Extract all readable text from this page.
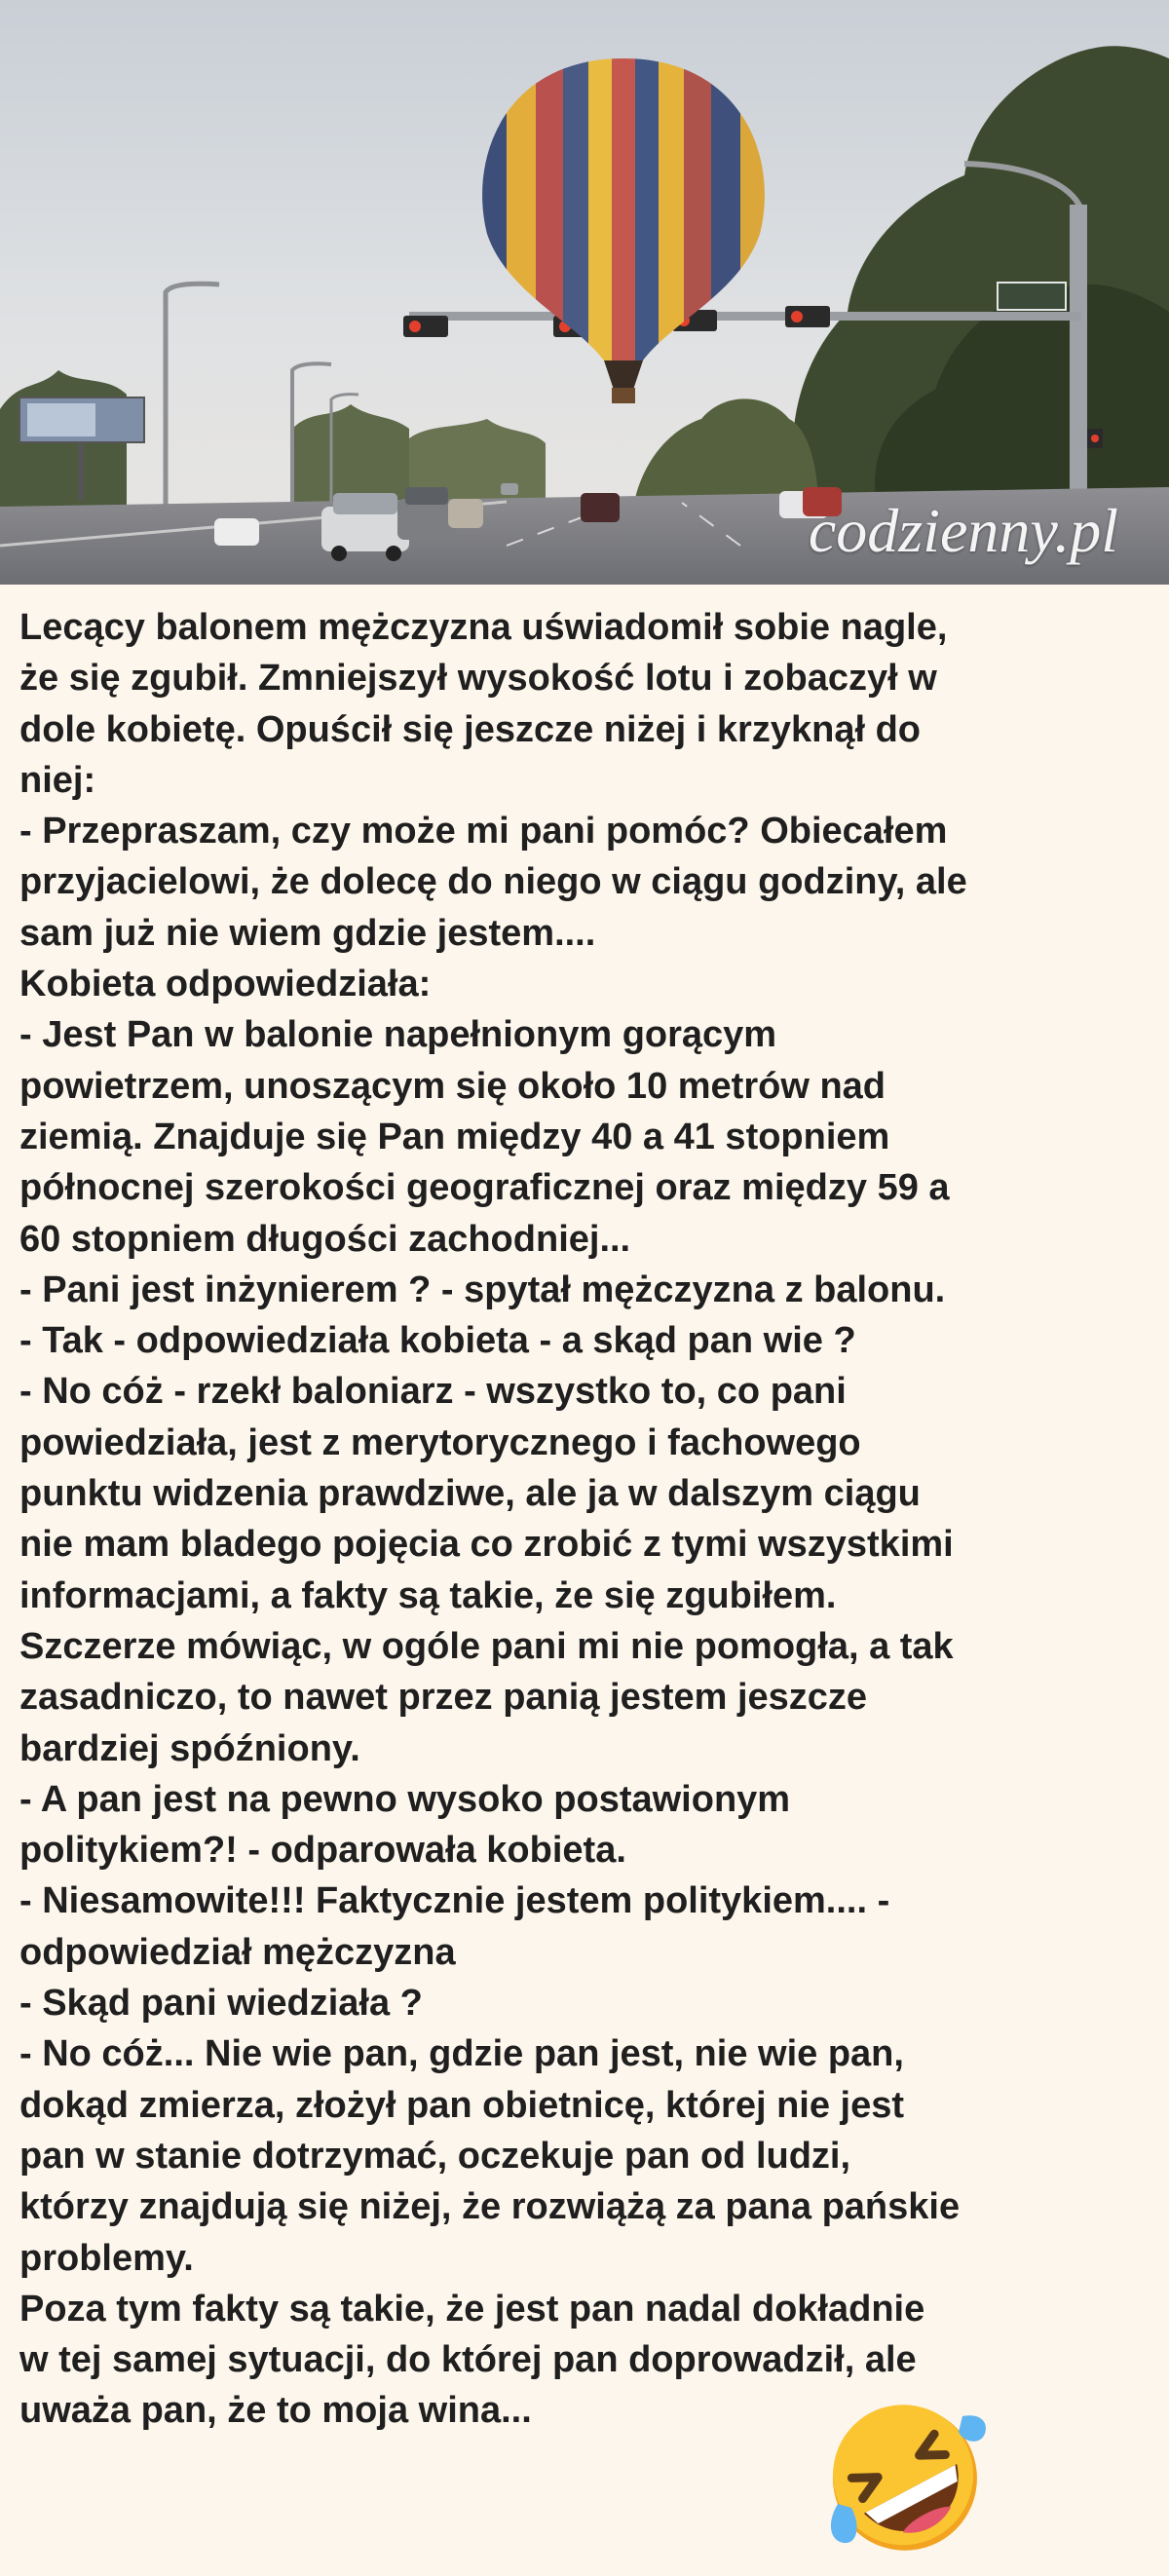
codzienny.pl

Lecący balonem mężczyzna uświadomił sobie nagle,

że się zgubił. Zmniejszył wysokość lotu i zobaczył w

dole kobietę. Opuścił się jeszcze niżej i krzyknął do

niej:

- Przepraszam, czy może mi pani pomóc? Obiecałem

przyjacielowi, że dolecę do niego w ciągu godziny, ale

sam już nie wiem gdzie jestem....

Kobieta odpowiedziała:

- Jest Pan w balonie napełnionym gorącym

powietrzem, unoszącym się około 10 metrów nad

ziemią. Znajduje się Pan między 40 a 41 stopniem

północnej szerokości geograficznej oraz między 59 a

60 stopniem długości zachodniej...

- Pani jest inżynierem ? - spytał mężczyzna z balonu.

- Tak - odpowiedziała kobieta - a skąd pan wie ?

- No cóż - rzekł baloniarz - wszystko to, co pani

powiedziała, jest z merytorycznego i fachowego

punktu widzenia prawdziwe, ale ja w dalszym ciągu

nie mam bladego pojęcia co zrobić z tymi wszystkimi

informacjami, a fakty są takie, że się zgubiłem.

Szczerze mówiąc, w ogóle pani mi nie pomogła, a tak

zasadniczo, to nawet przez panią jestem jeszcze

bardziej spóźniony.

- A pan jest na pewno wysoko postawionym

politykiem?! - odparowała kobieta.

- Niesamowite!!! Faktycznie jestem politykiem.... -

odpowiedział mężczyzna

- Skąd pani wiedziała ?

- No cóż... Nie wie pan, gdzie pan jest, nie wie pan,

dokąd zmierza, złożył pan obietnicę, której nie jest

pan w stanie dotrzymać, oczekuje pan od ludzi,

którzy znajdują się niżej, że rozwiążą za pana pańskie

problemy.

Poza tym fakty są takie, że jest pan nadal dokładnie

w tej samej sytuacji, do której pan doprowadził, ale

uważa pan, że to moja wina...
